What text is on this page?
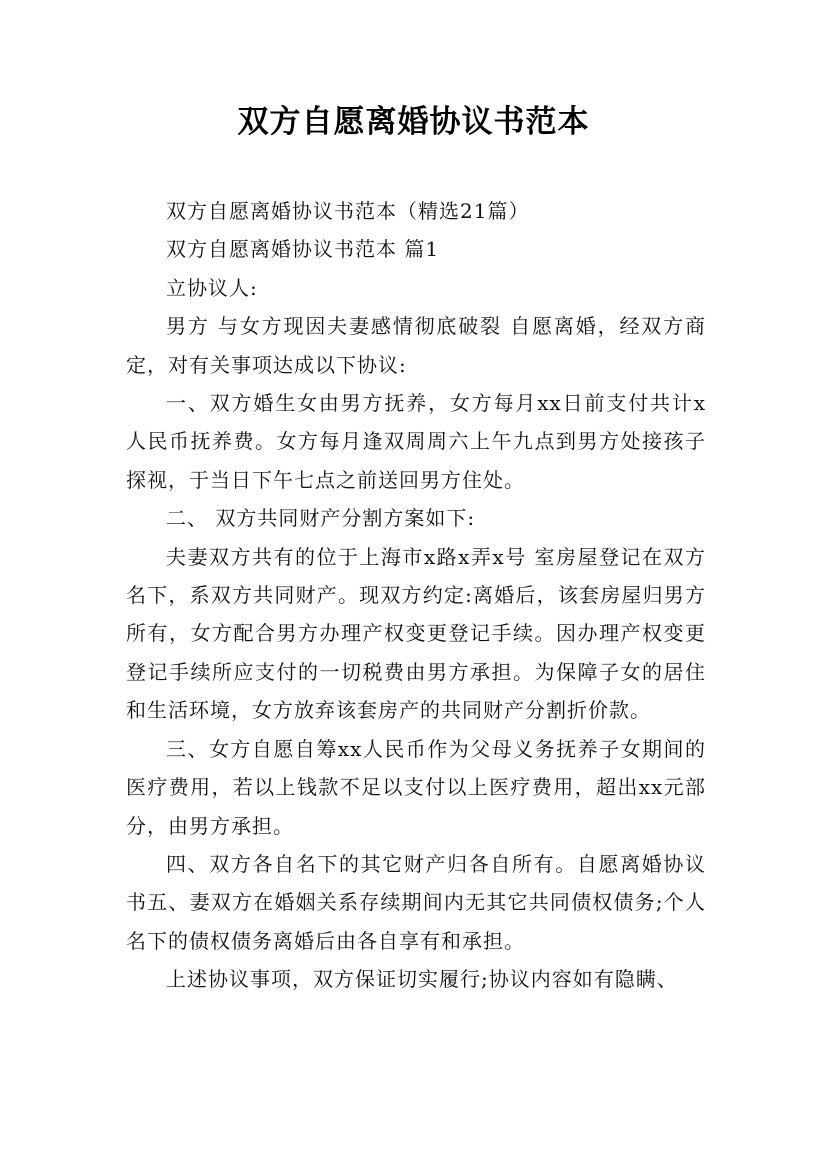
双方自愿离婚协议书范本

双方自愿离婚协议书范本（精选21篇）

双方自愿离婚协议书范本 篇1

立协议人:

男方 与女方现因夫妻感情彻底破裂 自愿离婚，经双方商定，对有关事项达成以下协议:

一、双方婚生女由男方抚养，女方每月xx日前支付共计x人民币抚养费。女方每月逢双周周六上午九点到男方处接孩子探视，于当日下午七点之前送回男方住处。

二、 双方共同财产分割方案如下:

夫妻双方共有的位于上海市x路x弄x号 室房屋登记在双方名下，系双方共同财产。现双方约定:离婚后，该套房屋归男方所有，女方配合男方办理产权变更登记手续。因办理产权变更登记手续所应支付的一切税费由男方承担。为保障子女的居住和生活环境，女方放弃该套房产的共同财产分割折价款。

三、女方自愿自筹xx人民币作为父母义务抚养子女期间的医疗费用，若以上钱款不足以支付以上医疗费用，超出xx元部分，由男方承担。

四、双方各自名下的其它财产归各自所有。自愿离婚协议书五、妻双方在婚姻关系存续期间内无其它共同债权债务;个人名下的债权债务离婚后由各自享有和承担。

上述协议事项，双方保证切实履行;协议内容如有隐瞒、
